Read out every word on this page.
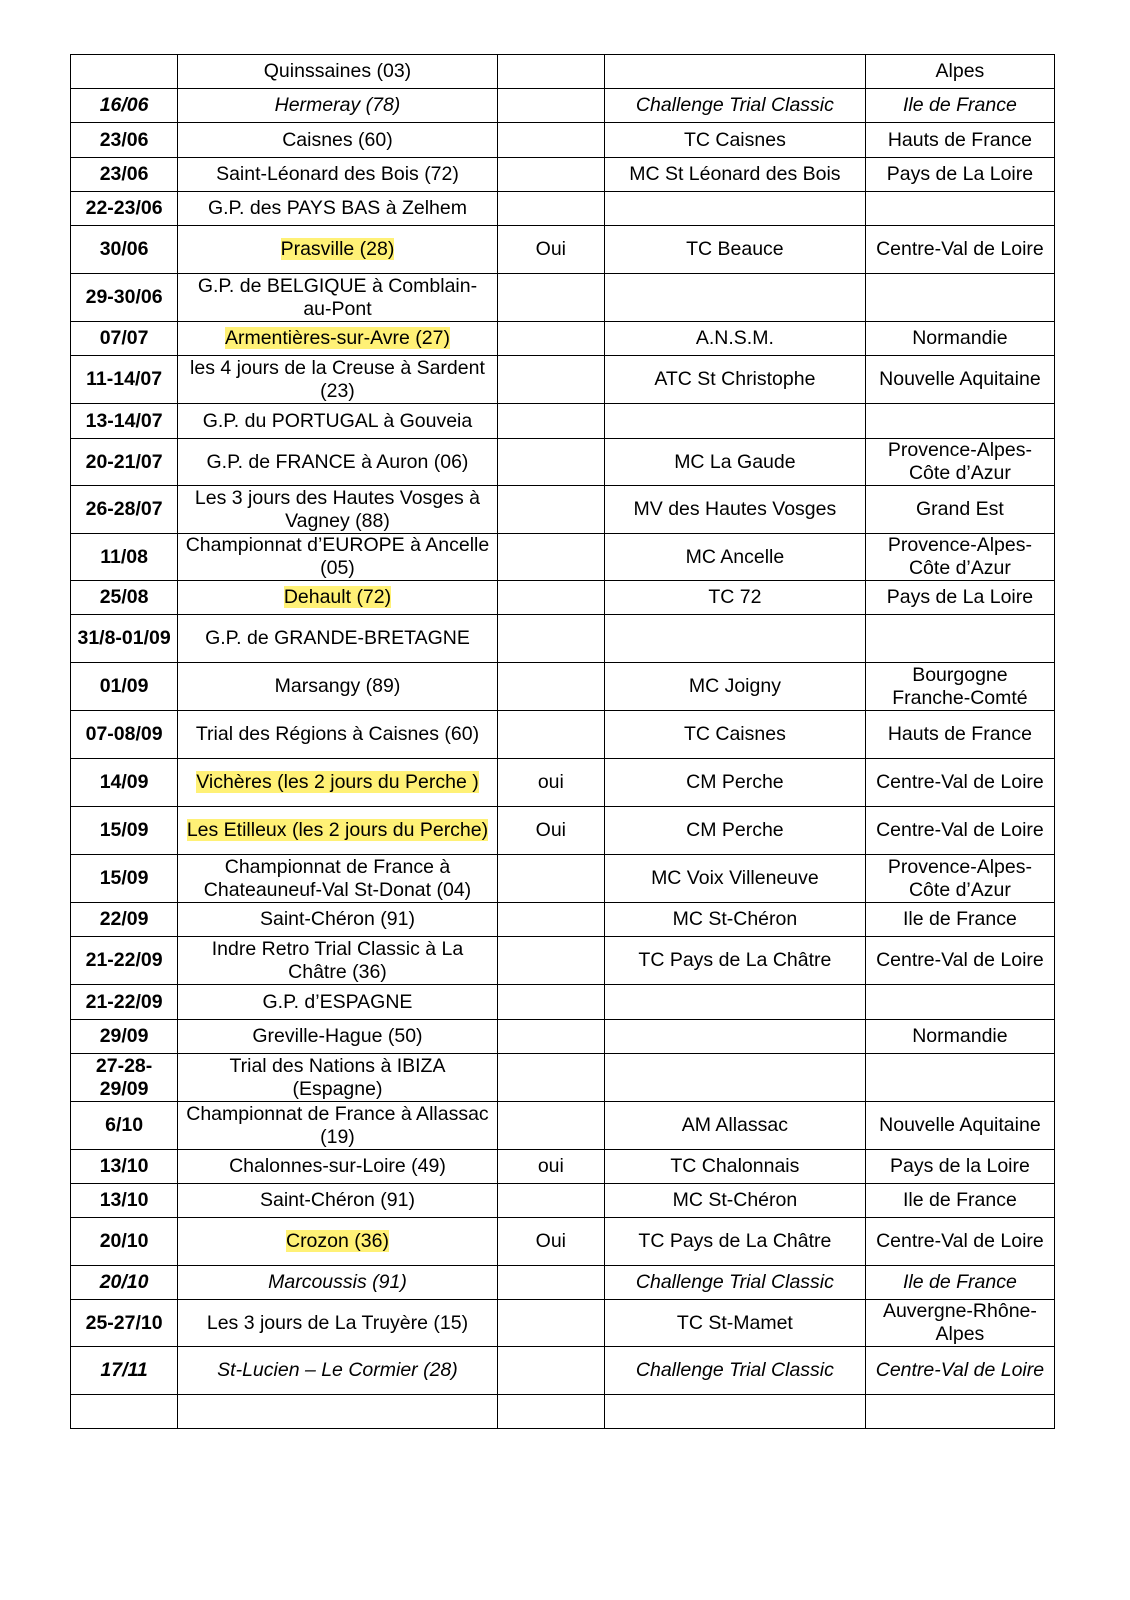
	Quinssaines (03)			Alpes
16/06	Hermeray (78)		Challenge Trial Classic	Ile de France
23/06	Caisnes (60)		TC Caisnes	Hauts de France
23/06	Saint-Léonard des Bois (72)		MC St Léonard des Bois	Pays de La Loire
22-23/06	G.P. des PAYS BAS à Zelhem			
30/06	Prasville (28)	Oui	TC Beauce	Centre-Val de Loire
29-30/06	G.P. de BELGIQUE à Comblain-au-Pont			
07/07	Armentières-sur-Avre (27)		A.N.S.M.	Normandie
11-14/07	les 4 jours de la Creuse à Sardent (23)		ATC St Christophe	Nouvelle Aquitaine
13-14/07	G.P. du PORTUGAL à Gouveia			
20-21/07	G.P. de FRANCE à Auron (06)		MC La Gaude	Provence-Alpes-Côte d’Azur
26-28/07	Les 3 jours des Hautes Vosges à Vagney (88)		MV des Hautes Vosges	Grand Est
11/08	Championnat d’EUROPE à Ancelle (05)		MC Ancelle	Provence-Alpes-Côte d’Azur
25/08	Dehault (72)		TC 72	Pays de La Loire
31/8-01/09	G.P. de GRANDE-BRETAGNE			
01/09	Marsangy (89)		MC Joigny	Bourgogne Franche-Comté
07-08/09	Trial des Régions à Caisnes (60)		TC Caisnes	Hauts de France
14/09	Vichères (les 2 jours du Perche )	oui	CM Perche	Centre-Val de Loire
15/09	Les Etilleux (les 2 jours du Perche)	Oui	CM Perche	Centre-Val de Loire
15/09	Championnat de France à Chateauneuf-Val St-Donat (04)		MC Voix Villeneuve	Provence-Alpes-Côte d’Azur
22/09	Saint-Chéron (91)		MC St-Chéron	Ile de France
21-22/09	Indre Retro Trial Classic à La Châtre (36)		TC Pays de La Châtre	Centre-Val de Loire
21-22/09	G.P. d’ESPAGNE			
29/09	Greville-Hague (50)			Normandie
27-28-29/09	Trial des Nations à IBIZA (Espagne)			
6/10	Championnat de France à Allassac (19)		AM Allassac	Nouvelle Aquitaine
13/10	Chalonnes-sur-Loire (49)	oui	TC Chalonnais	Pays de la Loire
13/10	Saint-Chéron (91)		MC St-Chéron	Ile de France
20/10	Crozon (36)	Oui	TC Pays de La Châtre	Centre-Val de Loire
20/10	Marcoussis (91)		Challenge Trial Classic	Ile de France
25-27/10	Les 3 jours de La Truyère (15)		TC St-Mamet	Auvergne-Rhône-Alpes
17/11	St-Lucien – Le Cormier (28)		Challenge Trial Classic	Centre-Val de Loire
